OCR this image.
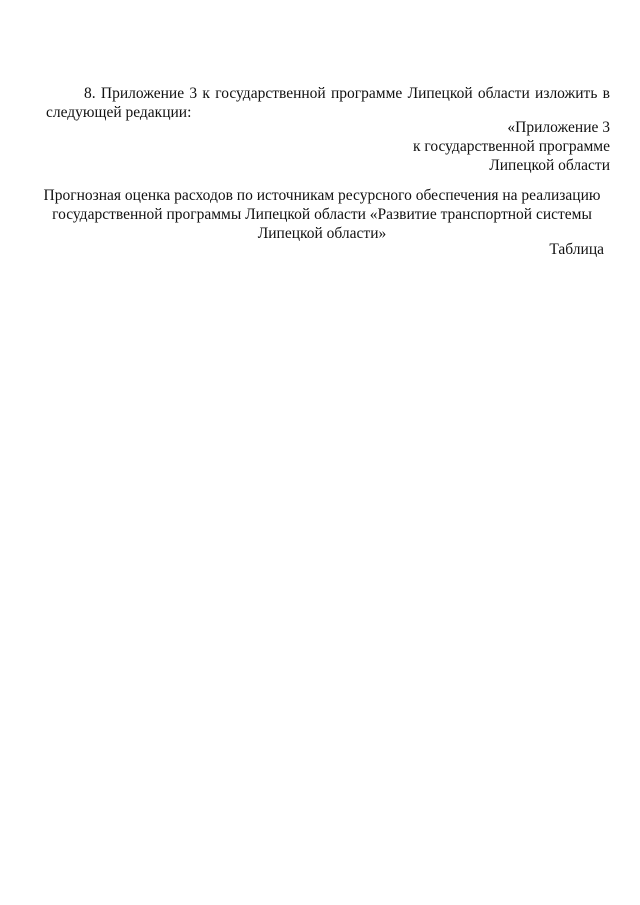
8. Приложение 3 к государственной программе Липецкой области изложить в следующей редакции:

«Приложение 3
к государственной программе
Липецкой области
Прогнозная оценка расходов по источникам ресурсного обеспечения на реализацию
государственной программы Липецкой области «Развитие транспортной системы
Липецкой области»
Таблица
